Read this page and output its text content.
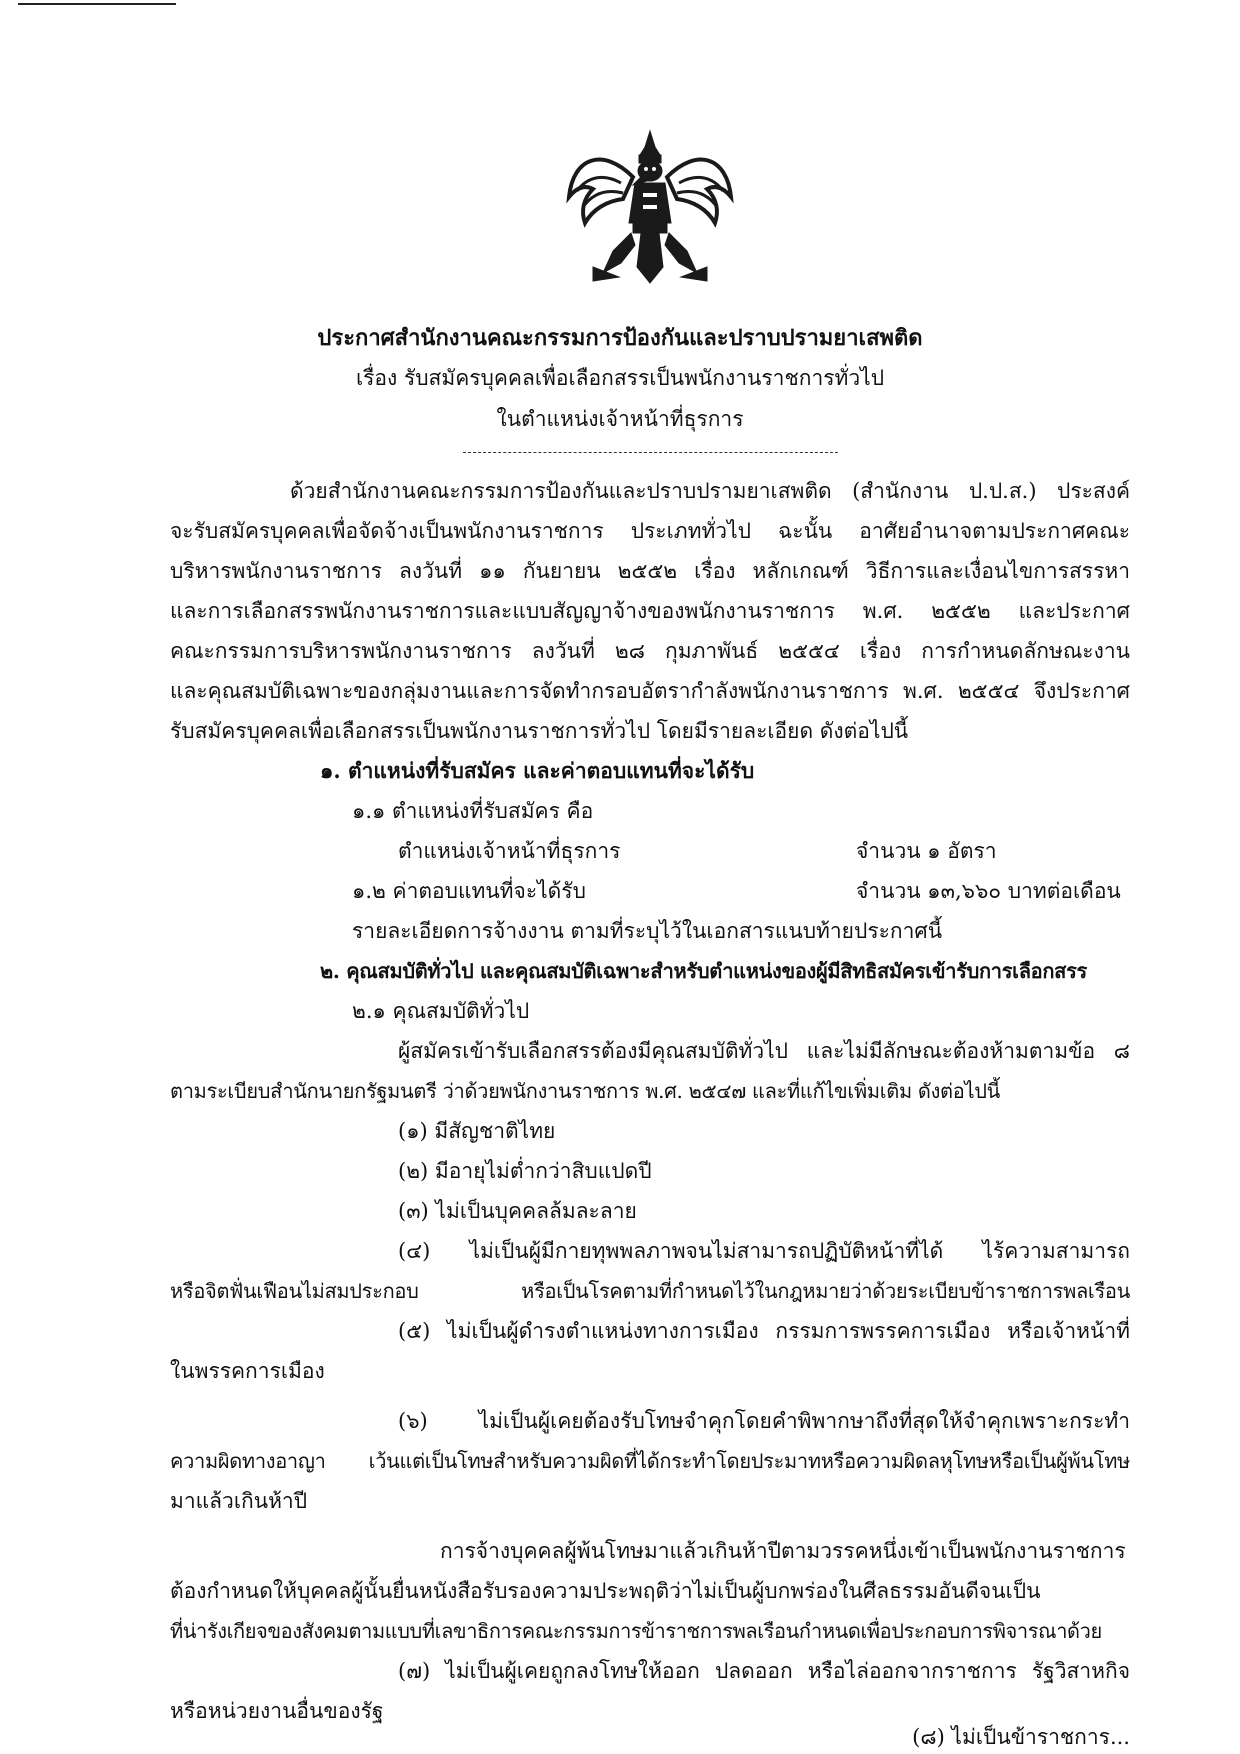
ประกาศสำนักงานคณะกรรมการป้องกันและปราบปรามยาเสพติด
เรื่อง รับสมัครบุคคลเพื่อเลือกสรรเป็นพนักงานราชการทั่วไป
ในตำแหน่งเจ้าหน้าที่ธุรการ
ด้วยสำนักงานคณะกรรมการป้องกันและปราบปรามยาเสพติด (สำนักงาน ป.ป.ส.) ประสงค์
จะรับสมัครบุคคลเพื่อจัดจ้างเป็นพนักงานราชการ ประเภททั่วไป ฉะนั้น อาศัยอำนาจตามประกาศคณะ
บริหารพนักงานราชการ ลงวันที่ ๑๑ กันยายน ๒๕๕๒ เรื่อง หลักเกณฑ์ วิธีการและเงื่อนไขการสรรหา
และการเลือกสรรพนักงานราชการและแบบสัญญาจ้างของพนักงานราชการ พ.ศ. ๒๕๕๒ และประกาศ
คณะกรรมการบริหารพนักงานราชการ ลงวันที่ ๒๘ กุมภาพันธ์ ๒๕๕๔ เรื่อง การกำหนดลักษณะงาน
และคุณสมบัติเฉพาะของกลุ่มงานและการจัดทำกรอบอัตรากำลังพนักงานราชการ พ.ศ. ๒๕๕๔ จึงประกาศ
รับสมัครบุคคลเพื่อเลือกสรรเป็นพนักงานราชการทั่วไป โดยมีรายละเอียด ดังต่อไปนี้
๑. ตำแหน่งที่รับสมัคร และค่าตอบแทนที่จะได้รับ
๑.๑ ตำแหน่งที่รับสมัคร คือ
ตำแหน่งเจ้าหน้าที่ธุรการ	จำนวน ๑ อัตรา
๑.๒ ค่าตอบแทนที่จะได้รับ	จำนวน ๑๓,๖๖๐ บาทต่อเดือน
รายละเอียดการจ้างงาน ตามที่ระบุไว้ในเอกสารแนบท้ายประกาศนี้
๒. คุณสมบัติทั่วไป และคุณสมบัติเฉพาะสำหรับตำแหน่งของผู้มีสิทธิสมัครเข้ารับการเลือกสรร
๒.๑ คุณสมบัติทั่วไป
ผู้สมัครเข้ารับเลือกสรรต้องมีคุณสมบัติทั่วไป และไม่มีลักษณะต้องห้ามตามข้อ ๘
ตามระเบียบสำนักนายกรัฐมนตรี ว่าด้วยพนักงานราชการ พ.ศ. ๒๕๔๗ และที่แก้ไขเพิ่มเติม ดังต่อไปนี้
(๑) มีสัญชาติไทย
(๒) มีอายุไม่ต่ำกว่าสิบแปดปี
(๓) ไม่เป็นบุคคลล้มละลาย
(๔) ไม่เป็นผู้มีกายทุพพลภาพจนไม่สามารถปฏิบัติหน้าที่ได้ ไร้ความสามารถ
หรือจิตฟั่นเฟือนไม่สมประกอบ หรือเป็นโรคตามที่กำหนดไว้ในกฎหมายว่าด้วยระเบียบข้าราชการพลเรือน
(๕) ไม่เป็นผู้ดำรงตำแหน่งทางการเมือง กรรมการพรรคการเมือง หรือเจ้าหน้าที่
ในพรรคการเมือง
(๖) ไม่เป็นผู้เคยต้องรับโทษจำคุกโดยคำพิพากษาถึงที่สุดให้จำคุกเพราะกระทำ
ความผิดทางอาญา เว้นแต่เป็นโทษสำหรับความผิดที่ได้กระทำโดยประมาทหรือความผิดลหุโทษหรือเป็นผู้พ้นโทษ
มาแล้วเกินห้าปี
การจ้างบุคคลผู้พ้นโทษมาแล้วเกินห้าปีตามวรรคหนึ่งเข้าเป็นพนักงานราชการ
ต้องกำหนดให้บุคคลผู้นั้นยื่นหนังสือรับรองความประพฤติว่าไม่เป็นผู้บกพร่องในศีลธรรมอันดีจนเป็น
ที่น่ารังเกียจของสังคมตามแบบที่เลขาธิการคณะกรรมการข้าราชการพลเรือนกำหนดเพื่อประกอบการพิจารณาด้วย
(๗) ไม่เป็นผู้เคยถูกลงโทษให้ออก ปลดออก หรือไล่ออกจากราชการ รัฐวิสาหกิจ
หรือหน่วยงานอื่นของรัฐ
(๘) ไม่เป็นข้าราชการ...
